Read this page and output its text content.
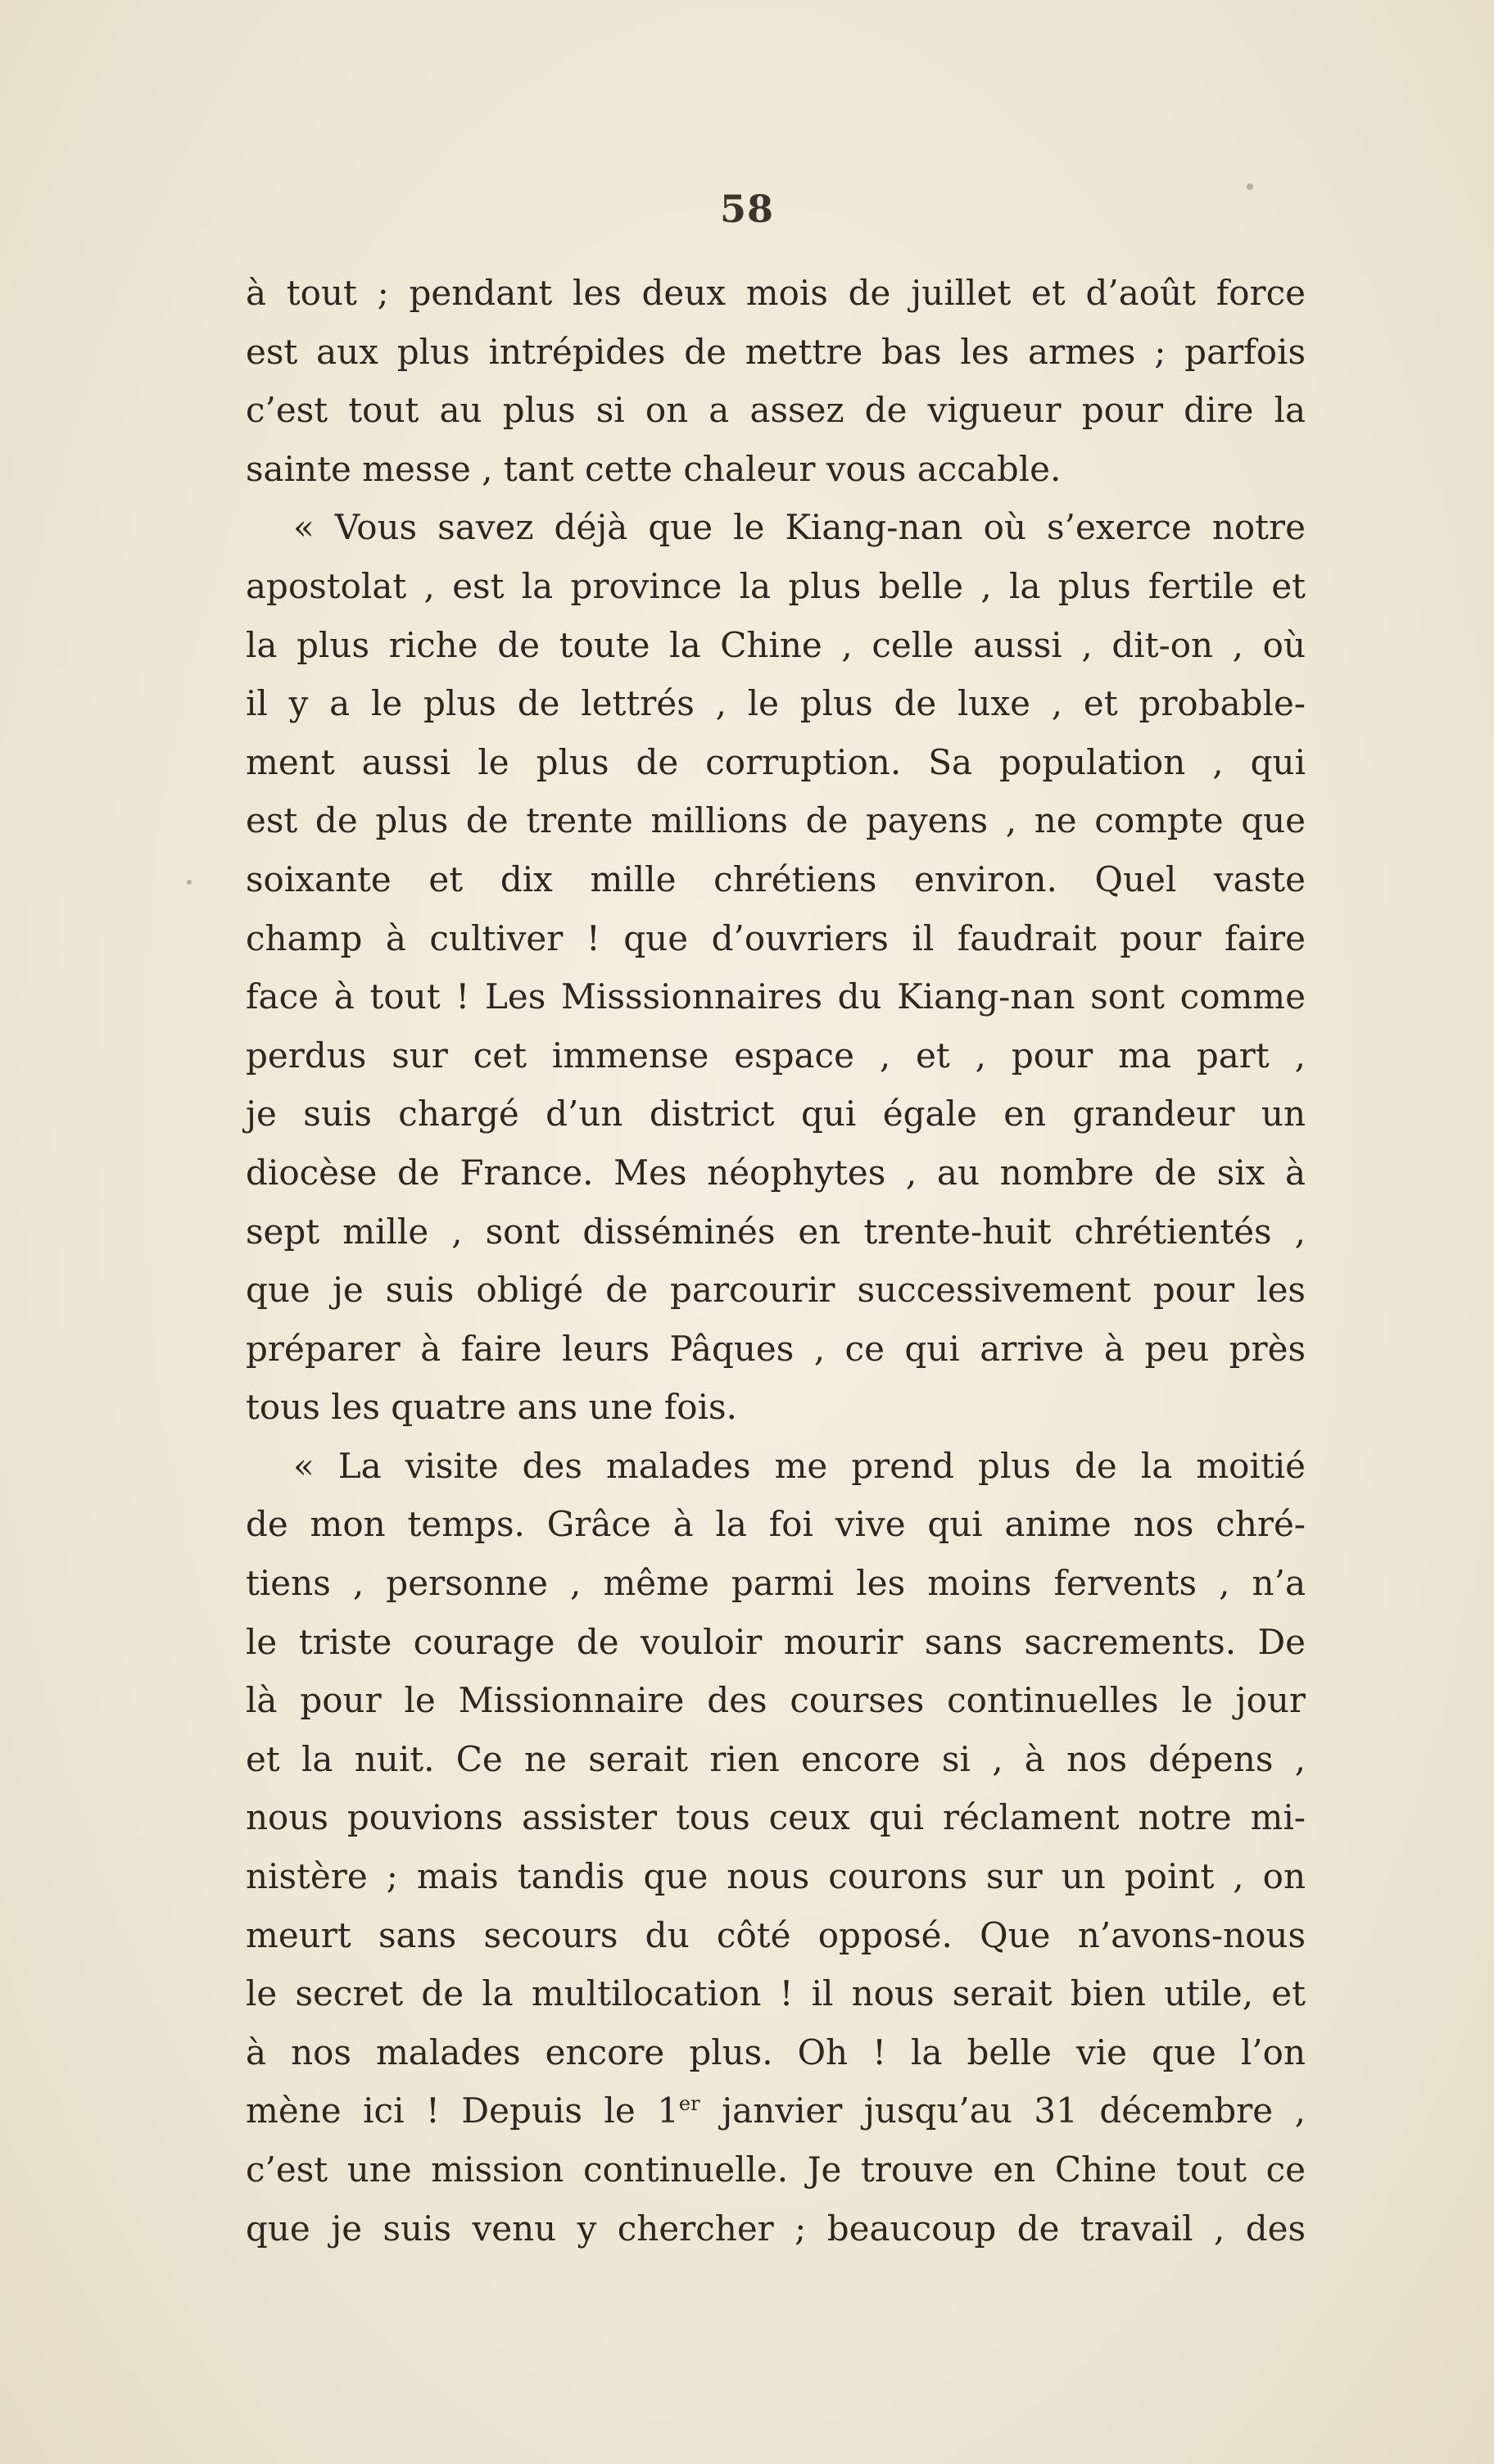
58
à tout ; pendant les deux mois de juillet et d’août force
est aux plus intrépides de mettre bas les armes ; parfois
c’est tout au plus si on a assez de vigueur pour dire la
sainte messe , tant cette chaleur vous accable.
« Vous savez déjà que le Kiang-nan où s’exerce notre
apostolat , est la province la plus belle , la plus fertile et
la plus riche de toute la Chine , celle aussi , dit-on , où
il y a le plus de lettrés , le plus de luxe , et probable-
ment aussi le plus de corruption. Sa population , qui
est de plus de trente millions de payens , ne compte que
soixante et dix mille chrétiens environ. Quel vaste
champ à cultiver ! que d’ouvriers il faudrait pour faire
face à tout ! Les Misssionnaires du Kiang-nan sont comme
perdus sur cet immense espace , et , pour ma part ,
je suis chargé d’un district qui égale en grandeur un
diocèse de France. Mes néophytes , au nombre de six à
sept mille , sont disséminés en trente-huit chrétientés ,
que je suis obligé de parcourir successivement pour les
préparer à faire leurs Pâques , ce qui arrive à peu près
tous les quatre ans une fois.
« La visite des malades me prend plus de la moitié
de mon temps. Grâce à la foi vive qui anime nos chré-
tiens , personne , même parmi les moins fervents , n’a
le triste courage de vouloir mourir sans sacrements. De
là pour le Missionnaire des courses continuelles le jour
et la nuit. Ce ne serait rien encore si , à nos dépens ,
nous pouvions assister tous ceux qui réclament notre mi-
nistère ; mais tandis que nous courons sur un point , on
meurt sans secours du côté opposé. Que n’avons-nous
le secret de la multilocation ! il nous serait bien utile, et
à nos malades encore plus. Oh ! la belle vie que l’on
mène ici ! Depuis le 1er janvier jusqu’au 31 décembre ,
c’est une mission continuelle. Je trouve en Chine tout ce
que je suis venu y chercher ; beaucoup de travail , des
